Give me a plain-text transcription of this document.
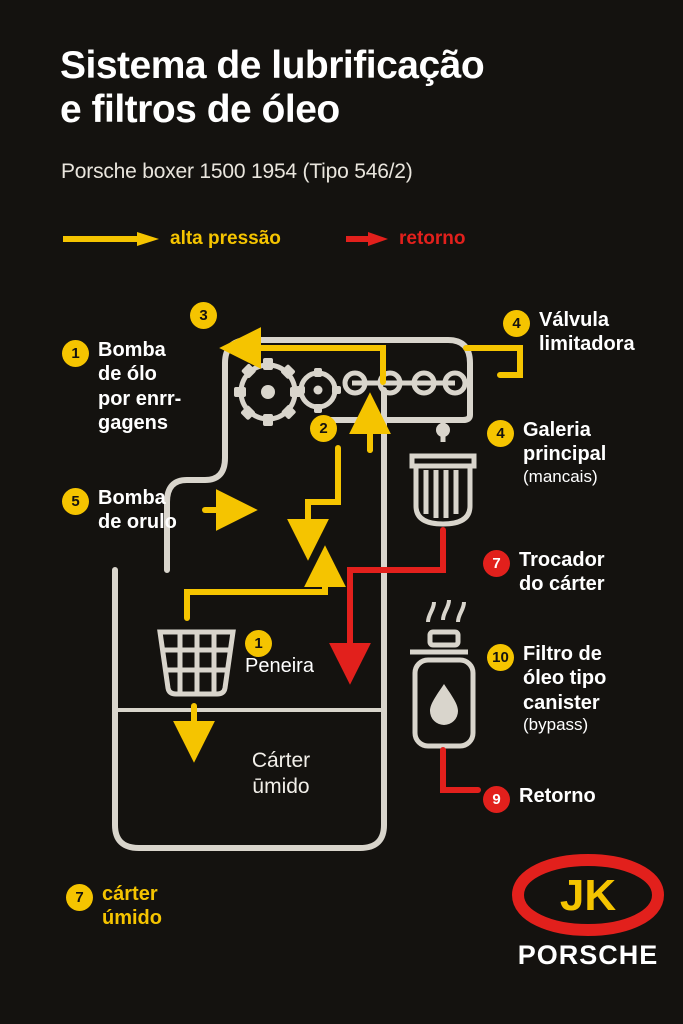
Sistema de lubrificação
e filtros de óleo
Porsche boxer 1500 1954 (Tipo 546/2)
alta pressão	retorno
Cárter
ūmido
1 Bomba
de ólo
por enrr-
gagens
3
2
4 Válvula
limitadora
4 Galeria
principal
(mancais)
5 Bomba
de orulo
7 Trocador
do cárter
1
Peneira	10 Filtro de
óleo tipo
canister
(bypass)
9 Retorno
7 cárter
úmido	JK
PORSCHE
